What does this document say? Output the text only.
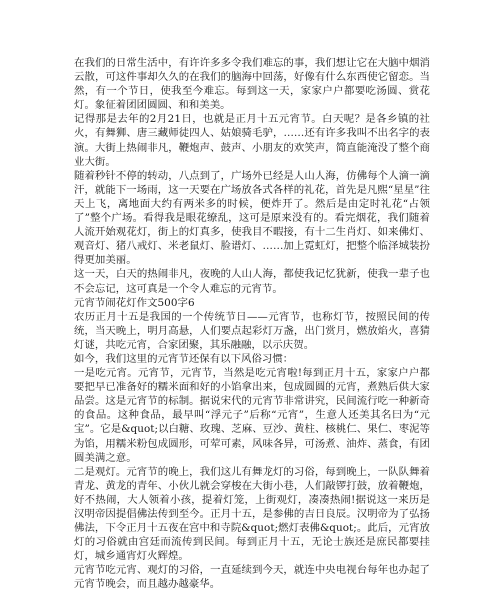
在我们的日常生活中，有许许多多令我们难忘的事，我们想让它在大脑中烟消云散，可这件事却久久的在我们的脑海中回荡，好像有什么东西使它留恋。当然，有一个节日，使我至今难忘。每到这一天，家家户户都要吃汤圆、赏花灯。象征着团团圆圆、和和美美。

记得那是去年的2月21日，也就是正月十五元宵节。白天呢？是各乡镇的社火，有舞狮、唐三藏师徒四人、姑娘骑毛驴，……还有许多我叫不出名字的表演。大街上热闹非凡，鞭炮声、鼓声、小朋友的欢笑声，简直能淹没了整个商业大街。

随着秒针不停的转动，八点到了，广场外已经是人山人海，仿佛每个人滴一滴汗，就能下一场雨，这一天要在广场放各式各样的礼花，首先是凡熙“星星”往天上飞，离地面大约有两米多的时候，便炸开了。然后是由定时礼花“占领了”整个广场。看得我是眼花缭乱，这可是原来没有的。看完烟花，我们随着人流开始观花灯，街上的灯真多，使我目不暇接，有十二生肖灯、如来佛灯、观音灯、猪八戒灯、米老鼠灯、脸谱灯、……加上霓虹灯，把整个临泽城装扮得更加美丽。

这一天，白天的热闹非凡，夜晚的人山人海，都使我记忆犹新，使我一辈子也不会忘记，这可真是一个令人难忘的元宵节。

元宵节闹花灯作文500字6

农历正月十五是我国的一个传统节日——元宵节，也称灯节，按照民间的传统，当天晚上，明月高悬，人们要点起彩灯万盏，出门赏月，燃放焰火，喜猜灯谜，共吃元宵，合家团聚，其乐融融，以示庆贺。

如今，我们这里的元宵节还保有以下风俗习惯：

一是吃元宵。元宵节，元宵节，当然是吃元宵啦!每到正月十五，家家户户都要把早已准备好的糯米面和好的小馅拿出来，包成圆圆的元宵，煮熟后供大家品尝。这是元宵节的标制。据说宋代的元宵节非常讲究，民间流行吃一种新奇的食品。这种食品，最早叫“浮元子”后称“元宵”，生意人还美其名曰为“元宝”。它是&quot;以白糖、玫瑰、芝麻、豆沙、黄柱、核桃仁、果仁、枣泥等为馅，用糯米粉包成圆形，可荤可素，风味各异，可汤煮、油炸、蒸食，有团圆美满之意。

二是观灯。元宵节的晚上，我们这儿有舞龙灯的习俗，每到晚上，一队队舞着青龙、黄龙的青年、小伙儿就会穿梭在大街小巷，人们敲锣打鼓，放着鞭炮，好不热闹，大人领着小孩，提着灯笼，上街观灯，凑凑热闹!据说这一来历是汉明帝因提倡佛法传到至今。正月十五，是参佛的吉日良辰。汉明帝为了弘扬佛法，下令正月十五夜在宫中和寺院&quot;燃灯表佛&quot;。此后，元宵放灯的习俗就由宫廷而流传到民间。每到正月十五，无论士族还是庶民都要挂灯，城乡通宵灯火辉煌。

元宵节吃元宵、观灯的习俗，一直延续到今天，就连中央电视台每年也办起了元宵节晚会，而且越办越豪华。
